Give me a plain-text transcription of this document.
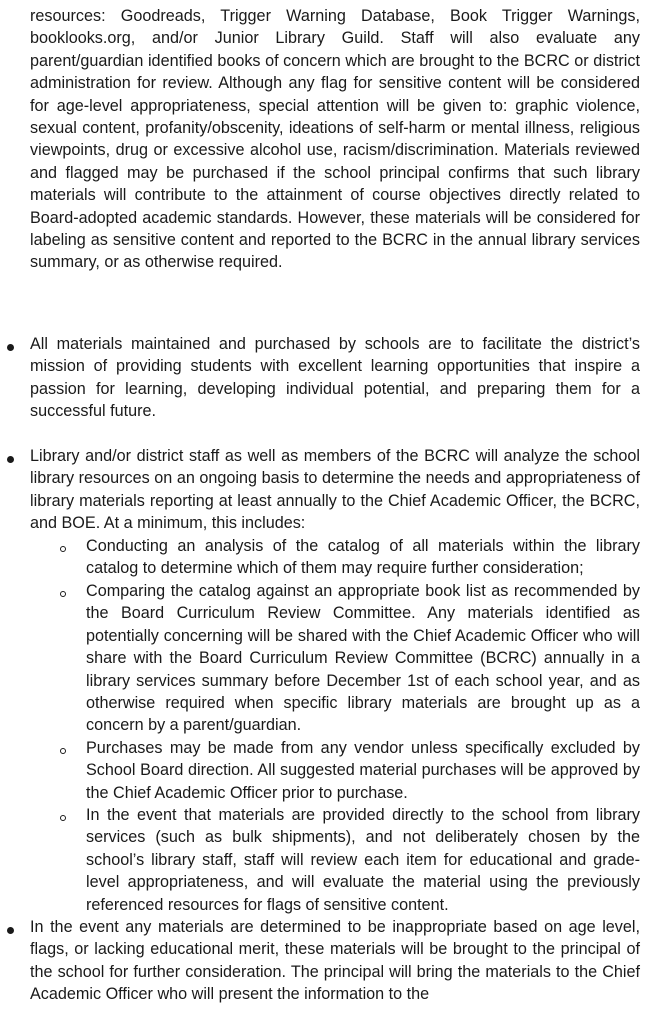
resources: Goodreads, Trigger Warning Database, Book Trigger Warnings, booklooks.org, and/or Junior Library Guild. Staff will also evaluate any parent/guardian identified books of concern which are brought to the BCRC or district administration for review. Although any flag for sensitive content will be considered for age-level appropriateness, special attention will be given to: graphic violence, sexual content, profanity/obscenity, ideations of self-harm or mental illness, religious viewpoints, drug or excessive alcohol use, racism/discrimination. Materials reviewed and flagged may be purchased if the school principal confirms that such library materials will contribute to the attainment of course objectives directly related to Board-adopted academic standards. However, these materials will be considered for labeling as sensitive content and reported to the BCRC in the annual library services summary, or as otherwise required.

All materials maintained and purchased by schools are to facilitate the district’s mission of providing students with excellent learning opportunities that inspire a passion for learning, developing individual potential, and preparing them for a successful future.

Library and/or district staff as well as members of the BCRC will analyze the school library resources on an ongoing basis to determine the needs and appropriateness of library materials reporting at least annually to the Chief Academic Officer, the BCRC, and BOE. At a minimum, this includes:

Conducting an analysis of the catalog of all materials within the library catalog to determine which of them may require further consideration;

Comparing the catalog against an appropriate book list as recommended by the Board Curriculum Review Committee. Any materials identified as potentially concerning will be shared with the Chief Academic Officer who will share with the Board Curriculum Review Committee (BCRC) annually in a library services summary before December 1st of each school year, and as otherwise required when specific library materials are brought up as a concern by a parent/guardian.

Purchases may be made from any vendor unless specifically excluded by School Board direction. All suggested material purchases will be approved by the Chief Academic Officer prior to purchase.

In the event that materials are provided directly to the school from library services (such as bulk shipments), and not deliberately chosen by the school’s library staff, staff will review each item for educational and grade-level appropriateness, and will evaluate the material using the previously referenced resources for flags of sensitive content.

In the event any materials are determined to be inappropriate based on age level, flags, or lacking educational merit, these materials will be brought to the principal of the school for further consideration. The principal will bring the materials to the Chief Academic Officer who will present the information to the
